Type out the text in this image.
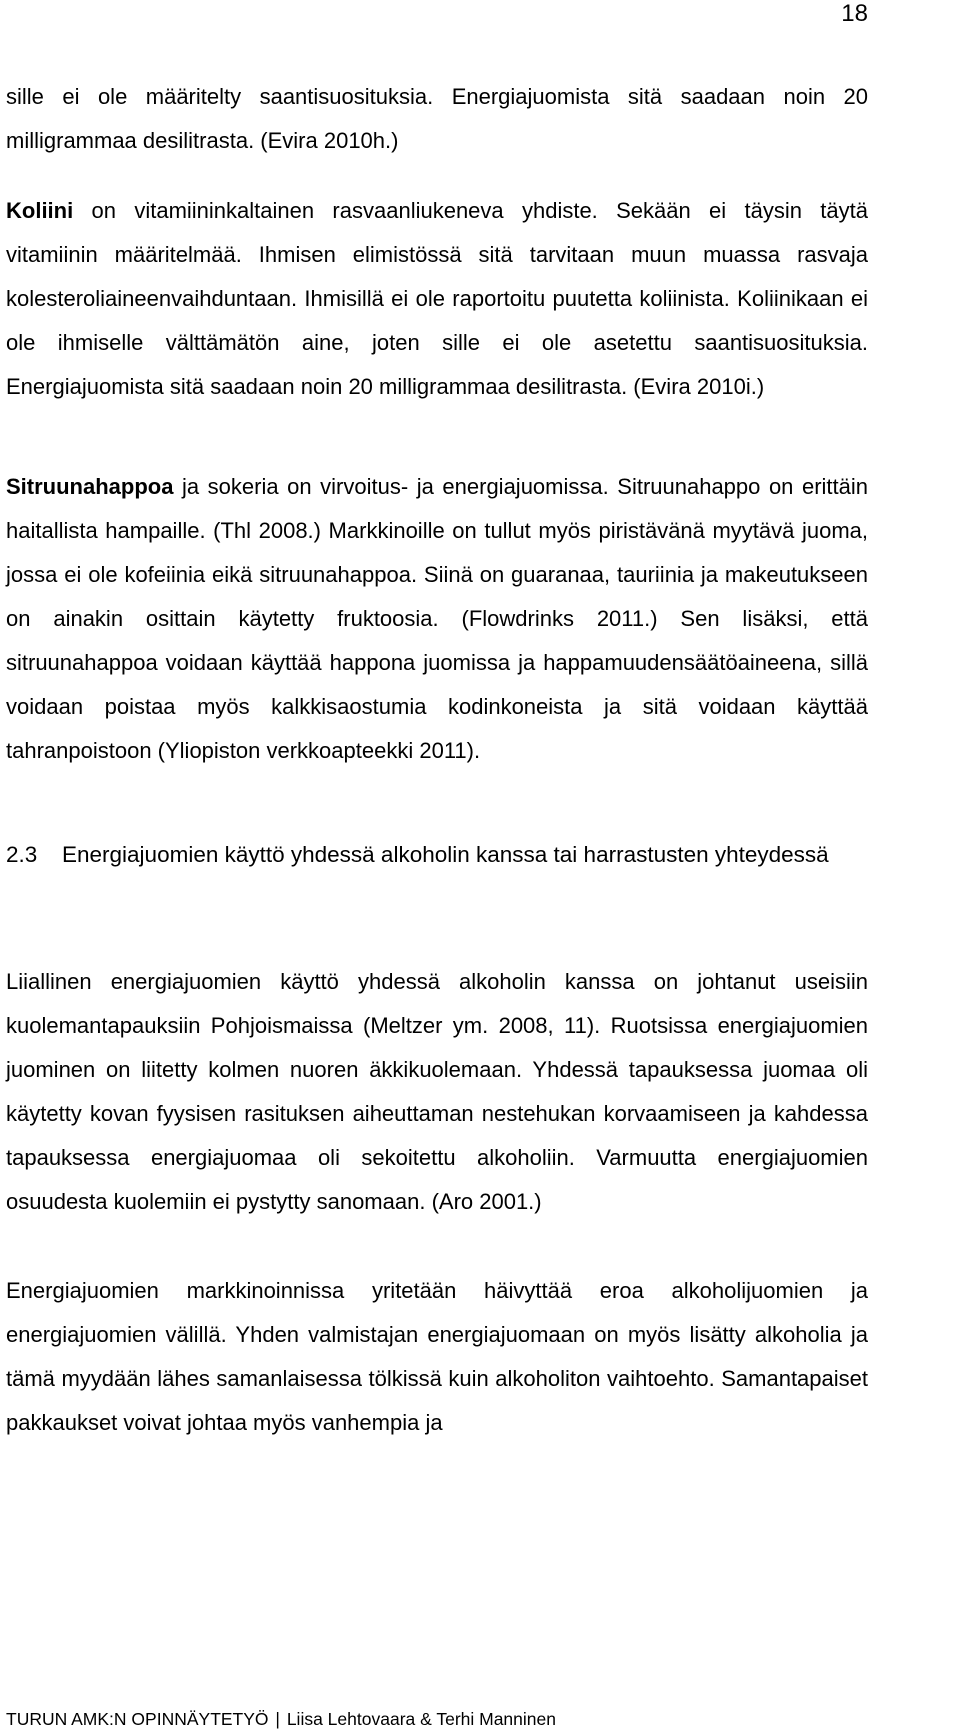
18

sille ei ole määritelty saantisuosituksia. Energiajuomista sitä saadaan noin 20 milligrammaa desilitrasta. (Evira 2010h.)

Koliini on vitamiininkaltainen rasvaanliukeneva yhdiste. Sekään ei täysin täytä vitamiinin määritelmää. Ihmisen elimistössä sitä tarvitaan muun muassa rasvaja kolesteroliaineenvaihduntaan. Ihmisillä ei ole raportoitu puutetta koliinista. Koliinikaan ei ole ihmiselle välttämätön aine, joten sille ei ole asetettu saantisuosituksia. Energiajuomista sitä saadaan noin 20 milligrammaa desilitrasta. (Evira 2010i.)

Sitruunahappoa ja sokeria on virvoitus- ja energiajuomissa. Sitruunahappo on erittäin haitallista hampaille. (Thl 2008.) Markkinoille on tullut myös piristävänä myytävä juoma, jossa ei ole kofeiinia eikä sitruunahappoa. Siinä on guaranaa, tauriinia ja makeutukseen on ainakin osittain käytetty fruktoosia. (Flowdrinks 2011.) Sen lisäksi, että sitruunahappoa voidaan käyttää happona juomissa ja happamuudensäätöaineena, sillä voidaan poistaa myös kalkkisaostumia kodinkoneista ja sitä voidaan käyttää tahranpoistoon (Yliopiston verkkoapteekki 2011).

2.3 Energiajuomien käyttö yhdessä alkoholin kanssa tai harrastusten yhteydessä

Liiallinen energiajuomien käyttö yhdessä alkoholin kanssa on johtanut useisiin kuolemantapauksiin Pohjoismaissa (Meltzer ym. 2008, 11). Ruotsissa energiajuomien juominen on liitetty kolmen nuoren äkkikuolemaan. Yhdessä tapauksessa juomaa oli käytetty kovan fyysisen rasituksen aiheuttaman nestehukan korvaamiseen ja kahdessa tapauksessa energiajuomaa oli sekoitettu alkoholiin. Varmuutta energiajuomien osuudesta kuolemiin ei pystytty sanomaan. (Aro 2001.)

Energiajuomien markkinoinnissa yritetään häivyttää eroa alkoholijuomien ja energiajuomien välillä. Yhden valmistajan energiajuomaan on myös lisätty alkoholia ja tämä myydään lähes samanlaisessa tölkissä kuin alkoholiton vaihtoehto. Samantapaiset pakkaukset voivat johtaa myös vanhempia ja

TURUN AMK:N OPINNÄYTETYÖ | Liisa Lehtovaara & Terhi Manninen
